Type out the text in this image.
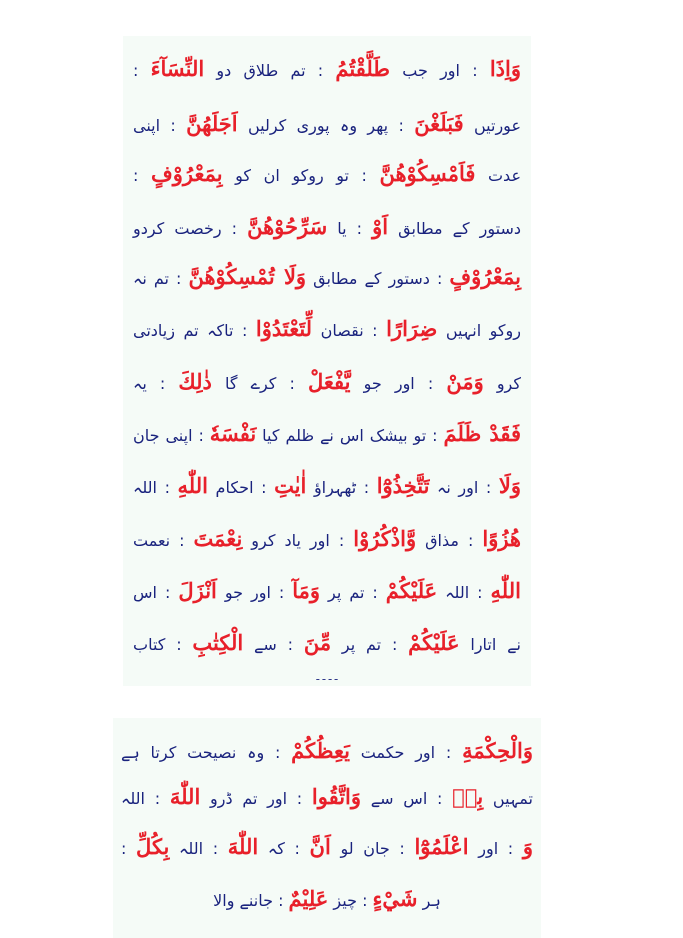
ـ ـ ـ ـ
وَاِذَا : اور جب طَلَّقْتُمُ : تم طلاق دو النِّسَآءَ :
عورتیں فَبَلَغْنَ : پھر وہ پوری کرلیں اَجَلَهُنَّ : اپنی
عدت فَاَمْسِكُوْهُنَّ : تو روکو ان کو بِمَعْرُوْفٍ :
دستور کے مطابق اَوْ : یا سَرِّحُوْهُنَّ : رخصت کردو
بِمَعْرُوْفٍ : دستور کے مطابق وَلَا تُمْسِكُوْهُنَّ : تم نہ
روکو انہیں ضِرَارًا : نقصان لِّتَعْتَدُوْا : تاکہ تم زیادتی
کرو وَمَنْ : اور جو يَّفْعَلْ : کرے گا ذٰلِكَ : یہ
فَقَدْ ظَلَمَ : تو بیشک اس نے ظلم کیا نَفْسَهٗ : اپنی جان
وَلَا : اور نہ تَتَّخِذُوْٓا : ٹھہراؤ اٰيٰتِ : احکام اللّٰهِ : اللہ
هُزُوًا : مذاق وَّاذْكُرُوْا : اور یاد کرو نِعْمَتَ : نعمت
اللّٰهِ : اللہ عَلَيْكُمْ : تم پر وَمَآ : اور جو اَنْزَلَ : اس
نے اتارا عَلَيْكُمْ : تم پر مِّنَ : سے الْكِتٰبِ : کتاب
وَالْحِكْمَةِ : اور حکمت يَعِظُكُمْ : وہ نصیحت کرتا ہے
تمہیں بِهٖ : اس سے وَاتَّقُوا : اور تم ڈرو اللّٰهَ : اللہ
وَ : اور اعْلَمُوْٓا : جان لو اَنَّ : کہ اللّٰهَ : اللہ بِكُلِّ :
ہر شَيْءٍ : چیز عَلِيْمٌ : جاننے والا
